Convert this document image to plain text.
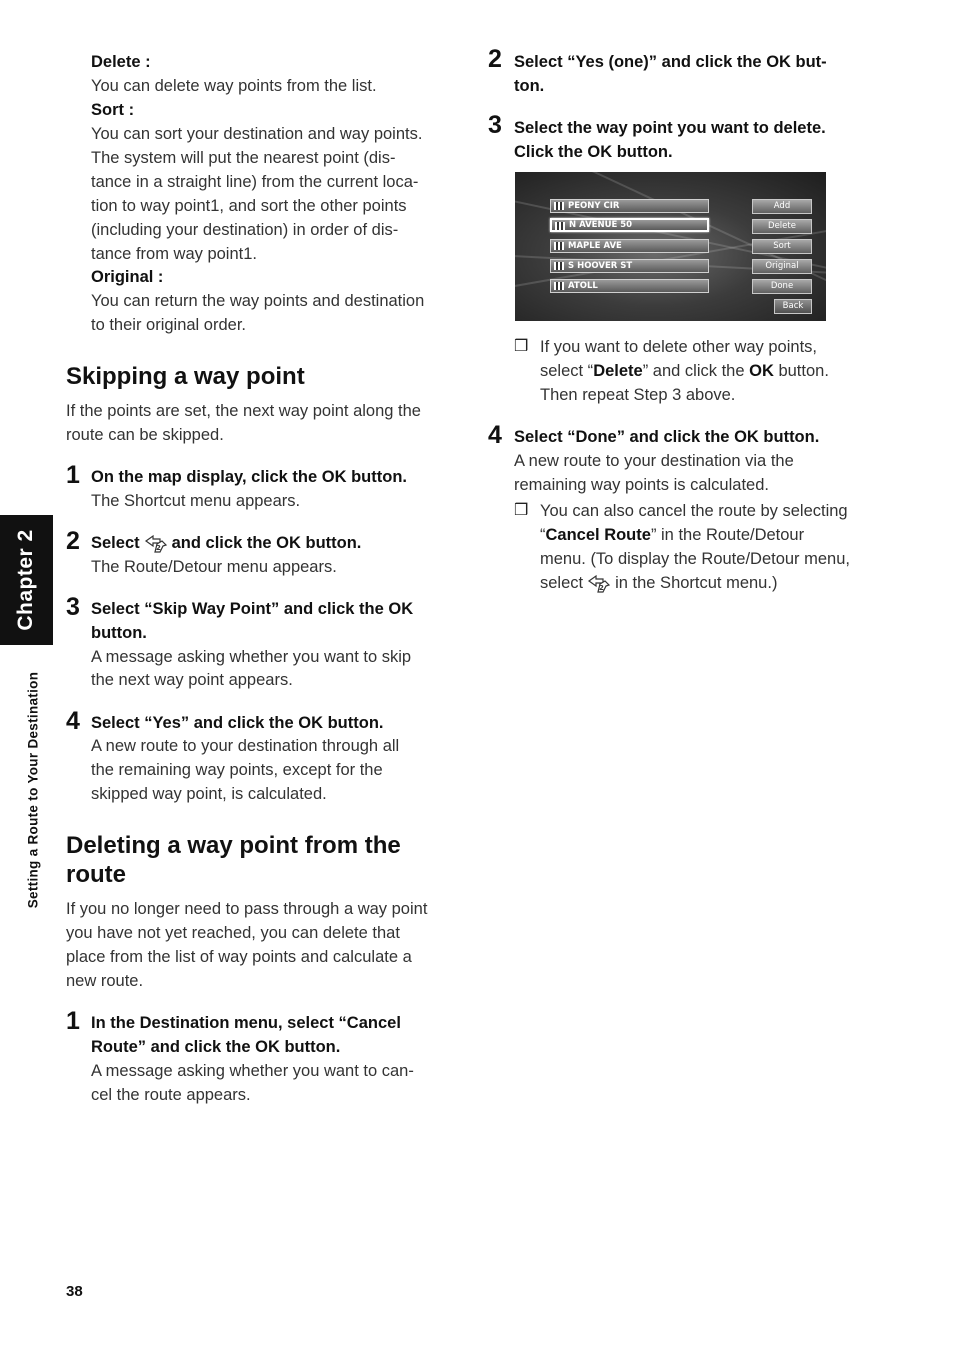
Delete :
You can delete way points from the list.
Sort :
You can sort your destination and way points.
The system will put the nearest point (dis-
tance in a straight line) from the current loca-
tion to way point1, and sort the other points
(including your destination) in order of dis-
tance from way point1.
Original :
You can return the way points and destination
to their original order.
Skipping a way point
If the points are set, the next way point along the
route can be skipped.
1 On the map display, click the OK button.
The Shortcut menu appears.
2 Select 2 and click the OK button.
The Route/Detour menu appears.
3 Select “Skip Way Point” and click the OK
button.
A message asking whether you want to skip
the next way point appears.
4 Select “Yes” and click the OK button.
A new route to your destination through all
the remaining way points, except for the
skipped way point, is calculated.
Deleting a way point from the
route
If you no longer need to pass through a way point
you have not yet reached, you can delete that
place from the list of way points and calculate a
new route.
1 In the Destination menu, select “Cancel
Route” and click the OK button.
A message asking whether you want to can-
cel the route appears.
2 Select “Yes (one)” and click the OK but-
ton.
3 Select the way point you want to delete.
Click the OK button.
PEONY CIR
N AVENUE 50
MAPLE AVE
S HOOVER ST
ATOLL
Add
Delete
Sort
Original
Done
Back
❒ If you want to delete other way points,
select “Delete” and click the OK button.
Then repeat Step 3 above.
4 Select “Done” and click the OK button.
A new route to your destination via the
remaining way points is calculated.
❒ You can also cancel the route by selecting
“Cancel Route” in the Route/Detour
menu. (To display the Route/Detour menu,
select 2 in the Shortcut menu.)
Chapter 2
Setting a Route to Your Destination
38
